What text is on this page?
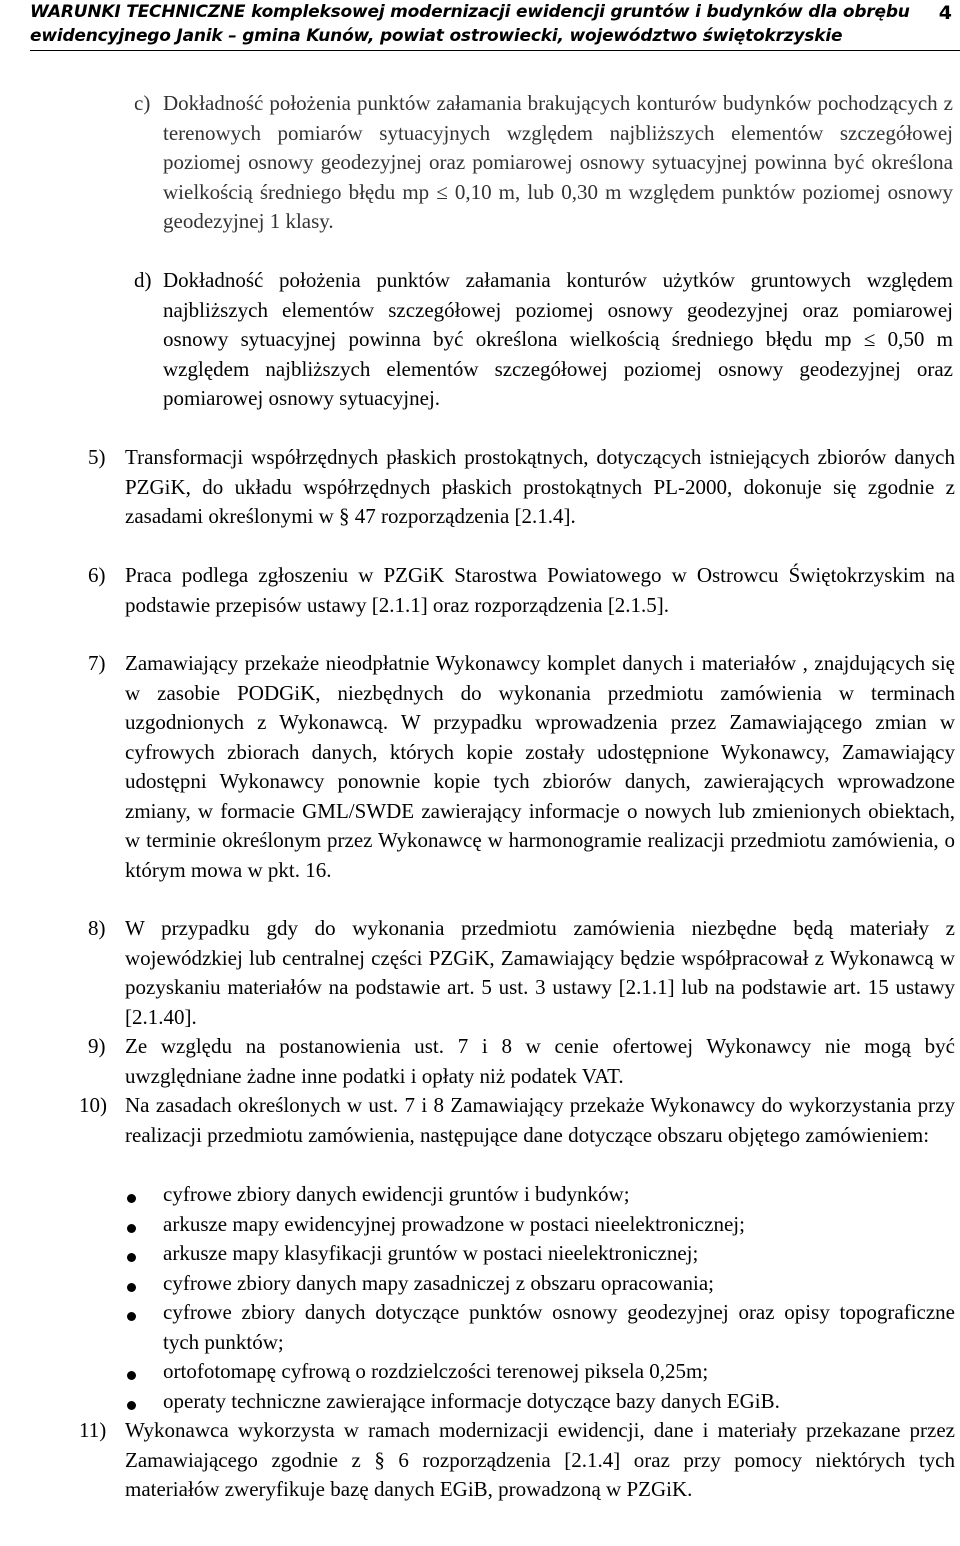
WARUNKI TECHNICZNE kompleksowej modernizacji ewidencji gruntów i budynków dla obrębu
ewidencyjnego Janik – gmina Kunów, powiat ostrowiecki, województwo świętokrzyskie
4
c) Dokładność położenia punktów załamania brakujących konturów budynków pochodzących z terenowych pomiarów sytuacyjnych względem najbliższych elementów szczegółowej poziomej osnowy geodezyjnej oraz pomiarowej osnowy sytuacyjnej powinna być określona wielkością średniego błędu mp ≤ 0,10 m, lub 0,30 m względem punktów poziomej osnowy geodezyjnej 1 klasy.
d) Dokładność położenia punktów załamania konturów użytków gruntowych względem najbliższych elementów szczegółowej poziomej osnowy geodezyjnej oraz pomiarowej osnowy sytuacyjnej powinna być określona wielkością średniego błędu mp ≤ 0,50 m względem najbliższych elementów szczegółowej poziomej osnowy geodezyjnej oraz pomiarowej osnowy sytuacyjnej.
5) Transformacji współrzędnych płaskich prostokątnych, dotyczących istniejących zbiorów danych PZGiK, do układu współrzędnych płaskich prostokątnych PL-2000, dokonuje się zgodnie z zasadami określonymi w § 47 rozporządzenia [2.1.4].
6) Praca podlega zgłoszeniu w PZGiK Starostwa Powiatowego w Ostrowcu Świętokrzyskim na podstawie przepisów ustawy [2.1.1] oraz rozporządzenia [2.1.5].
7) Zamawiający przekaże nieodpłatnie Wykonawcy komplet danych i materiałów , znajdujących się w zasobie PODGiK, niezbędnych do wykonania przedmiotu zamówienia w terminach uzgodnionych z Wykonawcą. W przypadku wprowadzenia przez Zamawiającego zmian w cyfrowych zbiorach danych, których kopie zostały udostępnione Wykonawcy, Zamawiający udostępni Wykonawcy ponownie kopie tych zbiorów danych, zawierających wprowadzone zmiany, w formacie GML/SWDE zawierający informacje o nowych lub zmienionych obiektach, w terminie określonym przez Wykonawcę w harmonogramie realizacji przedmiotu zamówienia, o którym mowa w pkt. 16.
8) W przypadku gdy do wykonania przedmiotu zamówienia niezbędne będą materiały z wojewódzkiej lub centralnej części PZGiK, Zamawiający będzie współpracował z Wykonawcą w pozyskaniu materiałów na podstawie art. 5 ust. 3 ustawy [2.1.1] lub na podstawie art. 15 ustawy [2.1.40].
9) Ze względu na postanowienia ust. 7 i 8 w cenie ofertowej Wykonawcy nie mogą być uwzględniane żadne inne podatki i opłaty niż podatek VAT.
10) Na zasadach określonych w ust. 7 i 8 Zamawiający przekaże Wykonawcy do wykorzystania przy realizacji przedmiotu zamówienia, następujące dane dotyczące obszaru objętego zamówieniem:
cyfrowe zbiory danych ewidencji gruntów i budynków;
arkusze mapy ewidencyjnej prowadzone w postaci nieelektronicznej;
arkusze mapy klasyfikacji gruntów w postaci nieelektronicznej;
cyfrowe zbiory danych mapy zasadniczej z obszaru opracowania;
cyfrowe zbiory danych dotyczące punktów osnowy geodezyjnej oraz opisy topograficzne tych punktów;
ortofotomapę cyfrową o rozdzielczości terenowej piksela 0,25m;
operaty techniczne zawierające informacje dotyczące bazy danych EGiB.
11) Wykonawca wykorzysta w ramach modernizacji ewidencji, dane i materiały przekazane przez Zamawiającego zgodnie z § 6 rozporządzenia [2.1.4] oraz przy pomocy niektórych tych materiałów zweryfikuje bazę danych EGiB, prowadzoną w PZGiK.
